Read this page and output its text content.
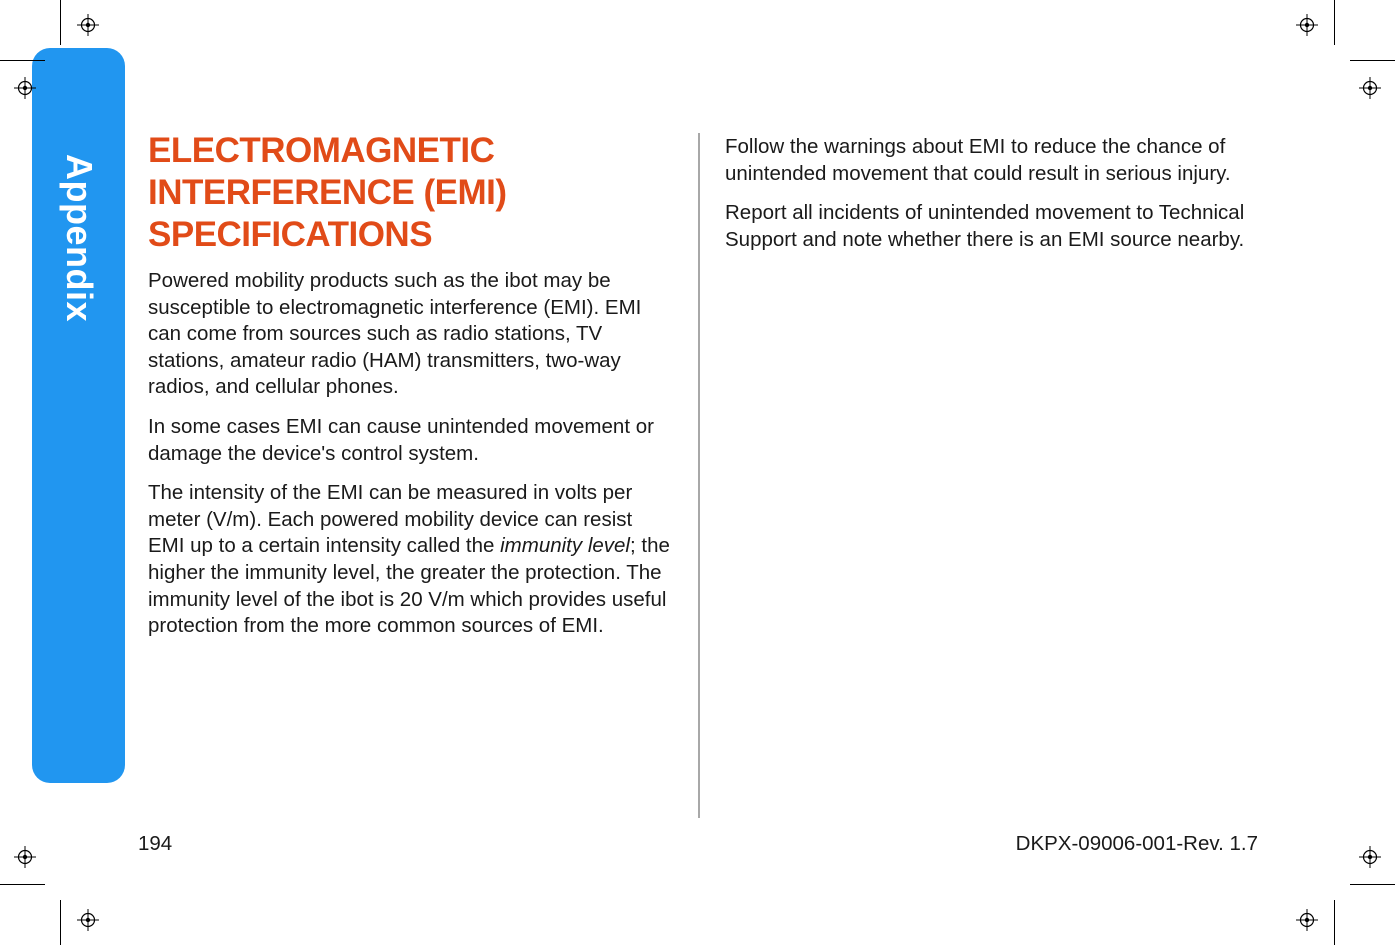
Appendix
ELECTROMAGNETIC
INTERFERENCE (EMI)
SPECIFICATIONS

Powered mobility products such as the ibot may be susceptible to electromagnetic interference (EMI). EMI can come from sources such as radio stations, TV stations, amateur radio (HAM) transmitters, two-way radios, and cellular phones.

In some cases EMI can cause unintended movement or damage the device's control system.

The intensity of the EMI can be measured in volts per meter (V/m). Each powered mobility device can resist EMI up to a certain intensity called the immunity level; the higher the immunity level, the greater the protection. The immunity level of the ibot is 20 V/m which provides useful protection from the more common sources of EMI.

Follow the warnings about EMI to reduce the chance of unintended movement that could result in serious injury.

Report all incidents of unintended movement to Technical Support and note whether there is an EMI source nearby.

194	DKPX-09006-001-Rev. 1.7
